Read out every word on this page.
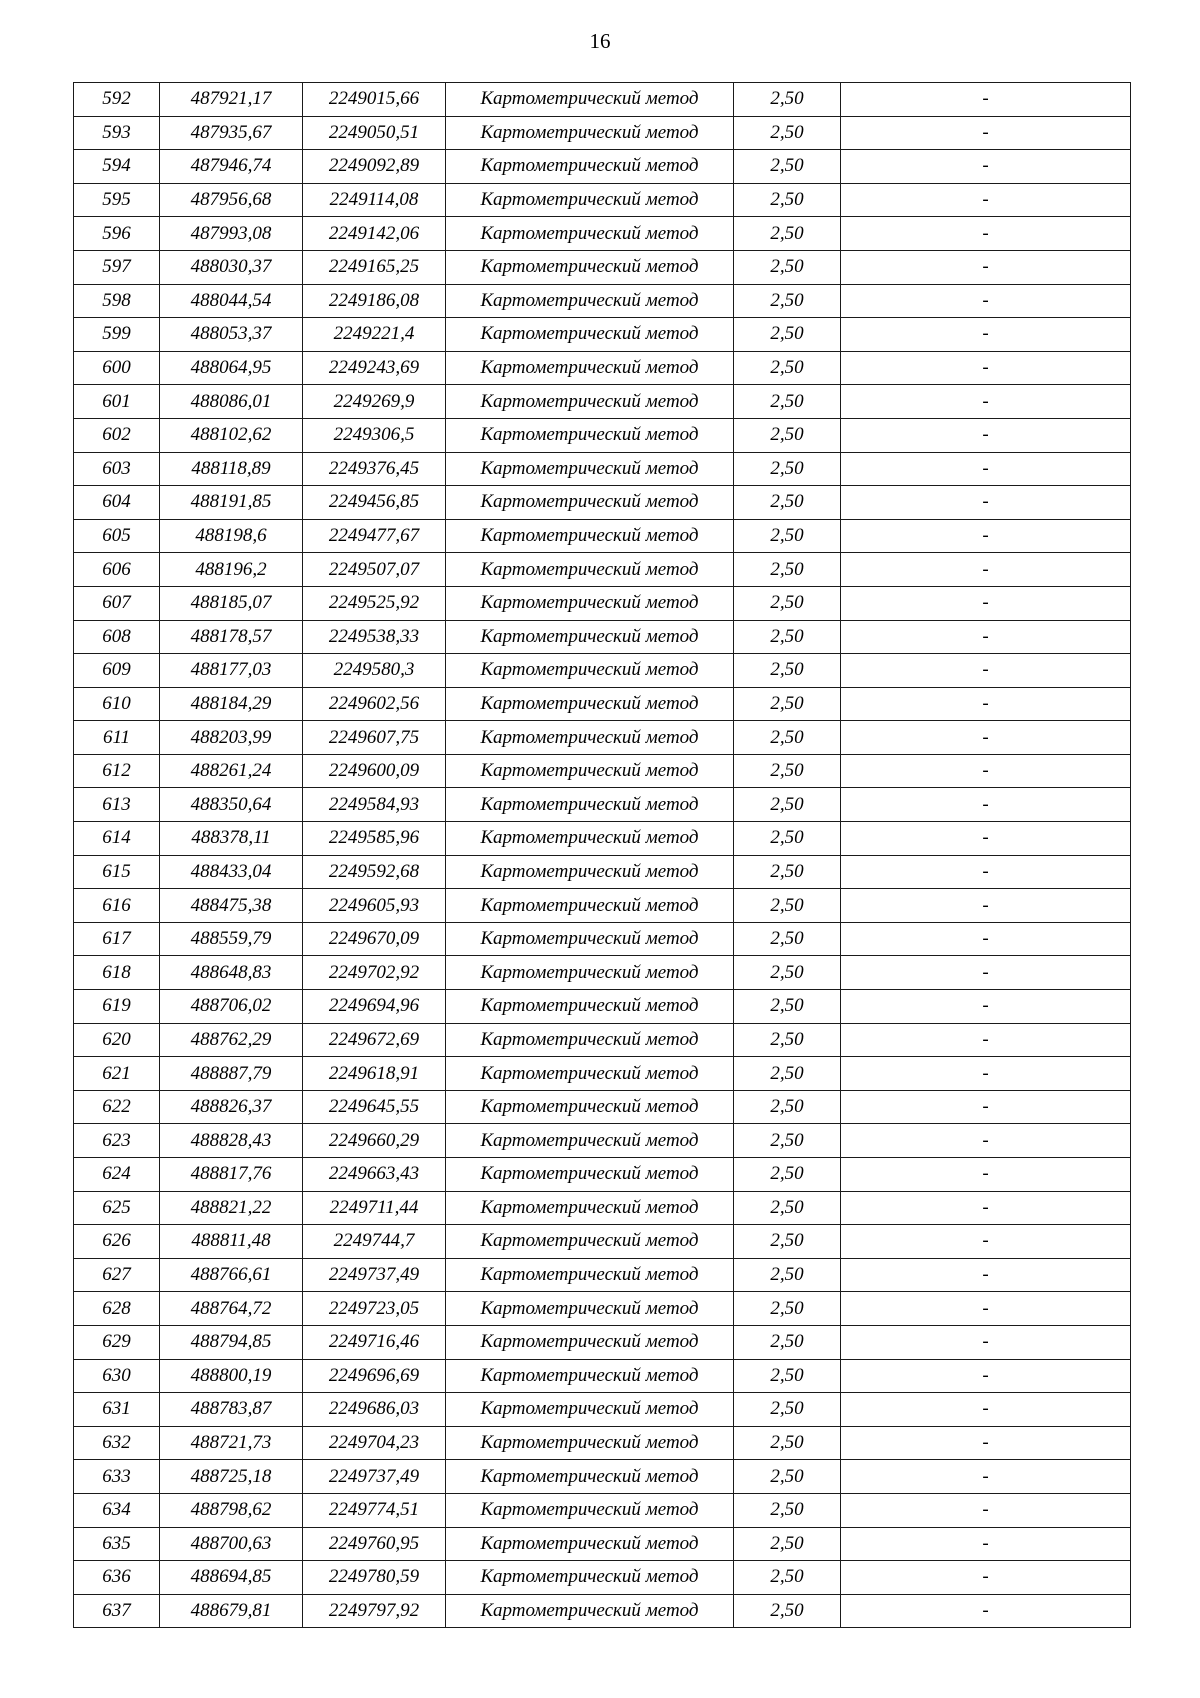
16
592	487921,17	2249015,66	Картометрический метод	2,50	-
593	487935,67	2249050,51	Картометрический метод	2,50	-
594	487946,74	2249092,89	Картометрический метод	2,50	-
595	487956,68	2249114,08	Картометрический метод	2,50	-
596	487993,08	2249142,06	Картометрический метод	2,50	-
597	488030,37	2249165,25	Картометрический метод	2,50	-
598	488044,54	2249186,08	Картометрический метод	2,50	-
599	488053,37	2249221,4	Картометрический метод	2,50	-
600	488064,95	2249243,69	Картометрический метод	2,50	-
601	488086,01	2249269,9	Картометрический метод	2,50	-
602	488102,62	2249306,5	Картометрический метод	2,50	-
603	488118,89	2249376,45	Картометрический метод	2,50	-
604	488191,85	2249456,85	Картометрический метод	2,50	-
605	488198,6	2249477,67	Картометрический метод	2,50	-
606	488196,2	2249507,07	Картометрический метод	2,50	-
607	488185,07	2249525,92	Картометрический метод	2,50	-
608	488178,57	2249538,33	Картометрический метод	2,50	-
609	488177,03	2249580,3	Картометрический метод	2,50	-
610	488184,29	2249602,56	Картометрический метод	2,50	-
611	488203,99	2249607,75	Картометрический метод	2,50	-
612	488261,24	2249600,09	Картометрический метод	2,50	-
613	488350,64	2249584,93	Картометрический метод	2,50	-
614	488378,11	2249585,96	Картометрический метод	2,50	-
615	488433,04	2249592,68	Картометрический метод	2,50	-
616	488475,38	2249605,93	Картометрический метод	2,50	-
617	488559,79	2249670,09	Картометрический метод	2,50	-
618	488648,83	2249702,92	Картометрический метод	2,50	-
619	488706,02	2249694,96	Картометрический метод	2,50	-
620	488762,29	2249672,69	Картометрический метод	2,50	-
621	488887,79	2249618,91	Картометрический метод	2,50	-
622	488826,37	2249645,55	Картометрический метод	2,50	-
623	488828,43	2249660,29	Картометрический метод	2,50	-
624	488817,76	2249663,43	Картометрический метод	2,50	-
625	488821,22	2249711,44	Картометрический метод	2,50	-
626	488811,48	2249744,7	Картометрический метод	2,50	-
627	488766,61	2249737,49	Картометрический метод	2,50	-
628	488764,72	2249723,05	Картометрический метод	2,50	-
629	488794,85	2249716,46	Картометрический метод	2,50	-
630	488800,19	2249696,69	Картометрический метод	2,50	-
631	488783,87	2249686,03	Картометрический метод	2,50	-
632	488721,73	2249704,23	Картометрический метод	2,50	-
633	488725,18	2249737,49	Картометрический метод	2,50	-
634	488798,62	2249774,51	Картометрический метод	2,50	-
635	488700,63	2249760,95	Картометрический метод	2,50	-
636	488694,85	2249780,59	Картометрический метод	2,50	-
637	488679,81	2249797,92	Картометрический метод	2,50	-
